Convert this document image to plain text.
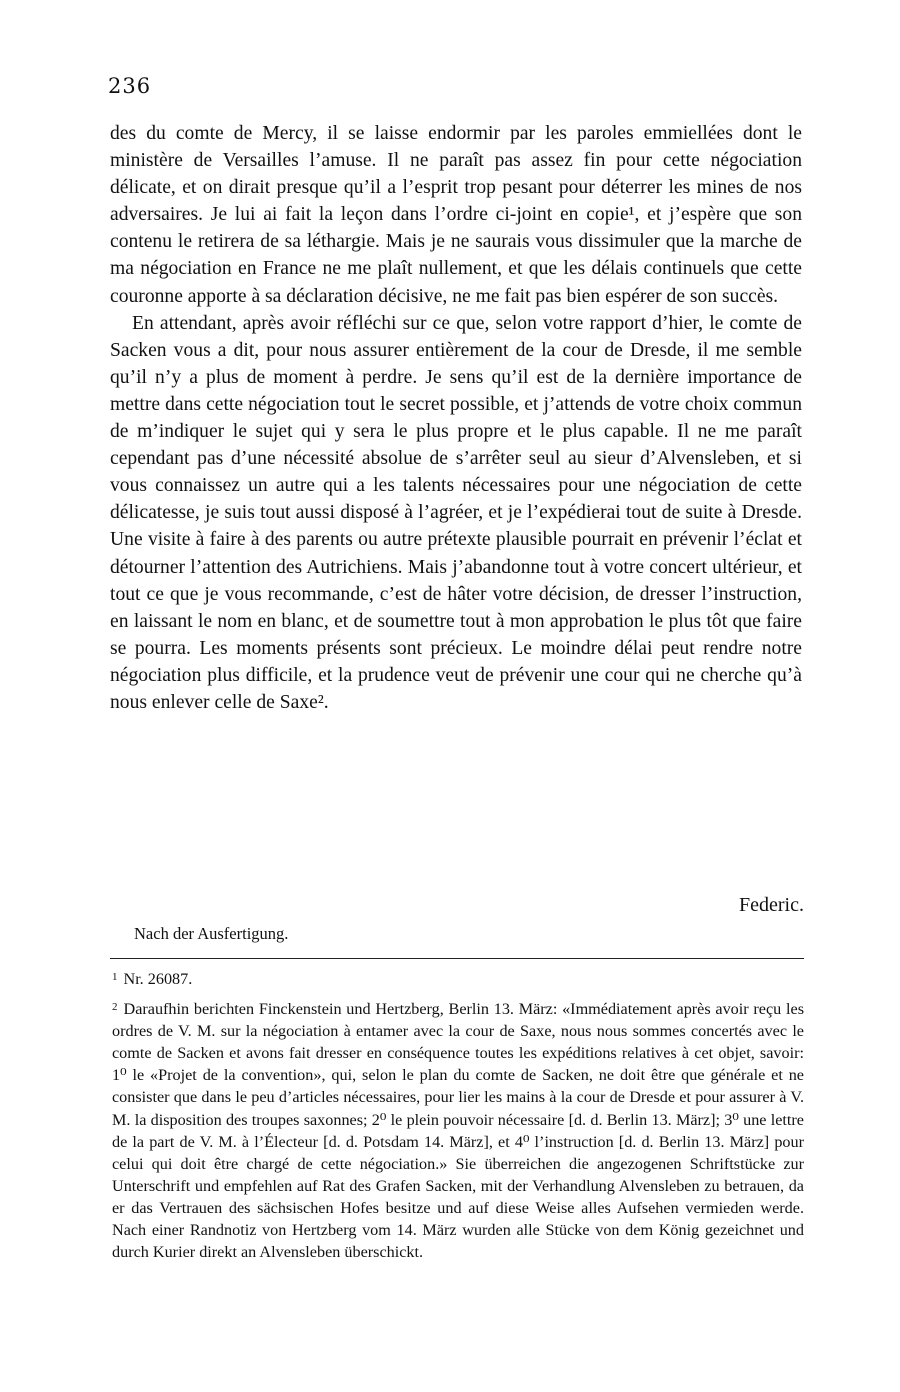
236

des du comte de Mercy, il se laisse endormir par les paroles emmiellées dont le ministère de Versailles l’amuse. Il ne paraît pas assez fin pour cette négociation délicate, et on dirait presque qu’il a l’esprit trop pesant pour déterrer les mines de nos adversaires. Je lui ai fait la leçon dans l’ordre ci-joint en copie¹, et j’espère que son contenu le retirera de sa léthargie. Mais je ne saurais vous dissimuler que la marche de ma négociation en France ne me plaît nullement, et que les délais continuels que cette couronne apporte à sa déclaration décisive, ne me fait pas bien espérer de son succès.

En attendant, après avoir réfléchi sur ce que, selon votre rapport d’hier, le comte de Sacken vous a dit, pour nous assurer entièrement de la cour de Dresde, il me semble qu’il n’y a plus de moment à perdre. Je sens qu’il est de la dernière importance de mettre dans cette négociation tout le secret possible, et j’attends de votre choix commun de m’indiquer le sujet qui y sera le plus propre et le plus capable. Il ne me paraît cependant pas d’une nécessité absolue de s’arrêter seul au sieur d’Alvensleben, et si vous connaissez un autre qui a les talents nécessaires pour une négociation de cette délicatesse, je suis tout aussi disposé à l’agréer, et je l’expédierai tout de suite à Dresde. Une visite à faire à des parents ou autre prétexte plausible pourrait en prévenir l’éclat et détourner l’attention des Autrichiens. Mais j’abandonne tout à votre concert ultérieur, et tout ce que je vous recommande, c’est de hâter votre décision, de dresser l’instruction, en laissant le nom en blanc, et de soumettre tout à mon approbation le plus tôt que faire se pourra. Les moments présents sont précieux. Le moindre délai peut rendre notre négociation plus difficile, et la prudence veut de prévenir une cour qui ne cherche qu’à nous enlever celle de Saxe².

Federic.
Nach der Ausfertigung.

$^1$ Nr. 26087.

$^2$ Daraufhin berichten Finckenstein und Hertzberg, Berlin 13. März: «Immédiatement après avoir reçu les ordres de V. M. sur la négociation à entamer avec la cour de Saxe, nous nous sommes concertés avec le comte de Sacken et avons fait dresser en conséquence toutes les expéditions relatives à cet objet, savoir: 1⁰ le «Projet de la convention», qui, selon le plan du comte de Sacken, ne doit être que générale et ne consister que dans le peu d’articles nécessaires, pour lier les mains à la cour de Dresde et pour assurer à V. M. la disposition des troupes saxonnes; 2⁰ le plein pouvoir nécessaire [d. d. Berlin 13. März]; 3⁰ une lettre de la part de V. M. à l’Électeur [d. d. Potsdam 14. März], et 4⁰ l’instruction [d. d. Berlin 13. März] pour celui qui doit être chargé de cette négociation.» Sie überreichen die angezogenen Schriftstücke zur Unterschrift und empfehlen auf Rat des Grafen Sacken, mit der Verhandlung Alvensleben zu betrauen, da er das Vertrauen des sächsischen Hofes besitze und auf diese Weise alles Aufsehen vermieden werde. Nach einer Randnotiz von Hertzberg vom 14. März wurden alle Stücke von dem König gezeichnet und durch Kurier direkt an Alvensleben überschickt.
